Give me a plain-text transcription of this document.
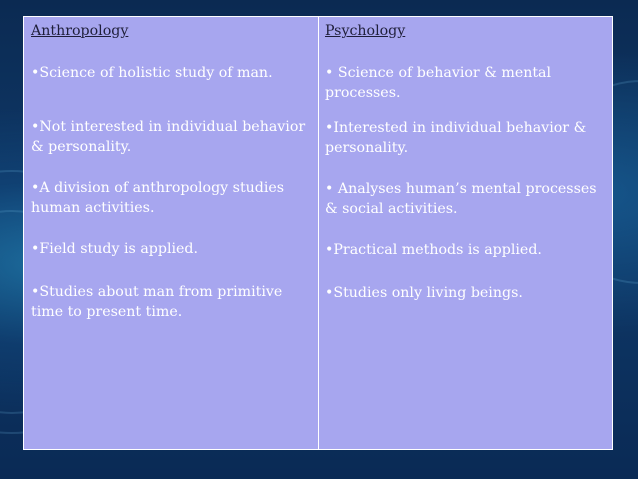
Anthropology

•Science of holistic study of man.

•Not interested in individual behavior & personality.

•A division of anthropology studies human activities.

•Field study is applied.

•Studies about man from primitive time to present time.

Psychology

• Science of behavior & mental processes.

•Interested in individual behavior & personality.

• Analyses human’s mental processes & social activities.

•Practical methods is applied.

•Studies only living beings.
